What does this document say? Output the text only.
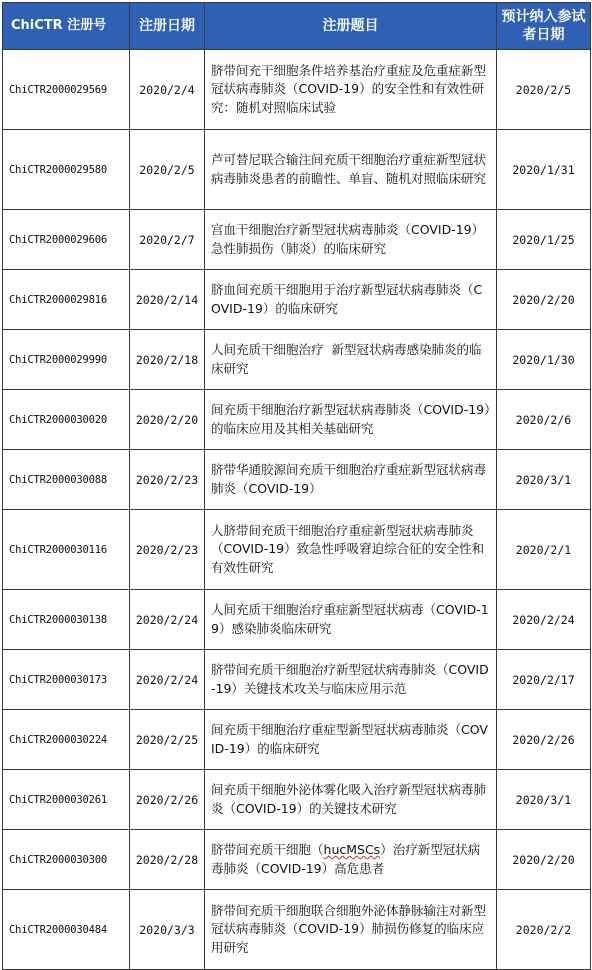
ChiCTR 注册号	注册日期	注册题目	预计纳入参试者日期
ChiCTR2000029569	2020/2/4	脐带间充干细胞条件培养基治疗重症及危重症新型冠状病毒肺炎（COVID-19）的安全性和有效性研究：随机对照临床试验	2020/2/5
ChiCTR2000029580	2020/2/5	芦可替尼联合输注间充质干细胞治疗重症新型冠状病毒肺炎患者的前瞻性、单盲、随机对照临床研究	2020/1/31
ChiCTR2000029606	2020/2/7	宫血干细胞治疗新型冠状病毒肺炎（COVID-19）急性肺损伤（肺炎）的临床研究	2020/1/25
ChiCTR2000029816	2020/2/14	脐血间充质干细胞用于治疗新型冠状病毒肺炎（COVID-19）的临床研究	2020/2/20
ChiCTR2000029990	2020/2/18	人间充质干细胞治疗  新型冠状病毒感染肺炎的临床研究	2020/1/30
ChiCTR2000030020	2020/2/20	间充质干细胞治疗新型冠状病毒肺炎（COVID-19）的临床应用及其相关基础研究	2020/2/6
ChiCTR2000030088	2020/2/23	脐带华通胶源间充质干细胞治疗重症新型冠状病毒肺炎（COVID-19）	2020/3/1
ChiCTR2000030116	2020/2/23	人脐带间充质干细胞治疗重症新型冠状病毒肺炎（COVID-19）致急性呼吸窘迫综合征的安全性和有效性研究	2020/2/1
ChiCTR2000030138	2020/2/24	人间充质干细胞治疗重症新型冠状病毒（COVID-19）感染肺炎临床研究	2020/2/24
ChiCTR2000030173	2020/2/24	脐带间充质干细胞治疗新型冠状病毒肺炎（COVID-19）关键技术攻关与临床应用示范	2020/2/17
ChiCTR2000030224	2020/2/25	间充质干细胞治疗重症型新型冠状病毒肺炎（COVID-19）的临床研究	2020/2/26
ChiCTR2000030261	2020/2/26	间充质干细胞外泌体雾化吸入治疗新型冠状病毒肺炎（COVID-19）的关键技术研究	2020/3/1
ChiCTR2000030300	2020/2/28	脐带间充质干细胞（hucMSCs）治疗新型冠状病毒肺炎（COVID-19）高危患者	2020/2/20
ChiCTR2000030484	2020/3/3	脐带间充质干细胞联合细胞外泌体静脉输注对新型冠状病毒肺炎（COVID-19）肺损伤修复的临床应用研究	2020/2/2
